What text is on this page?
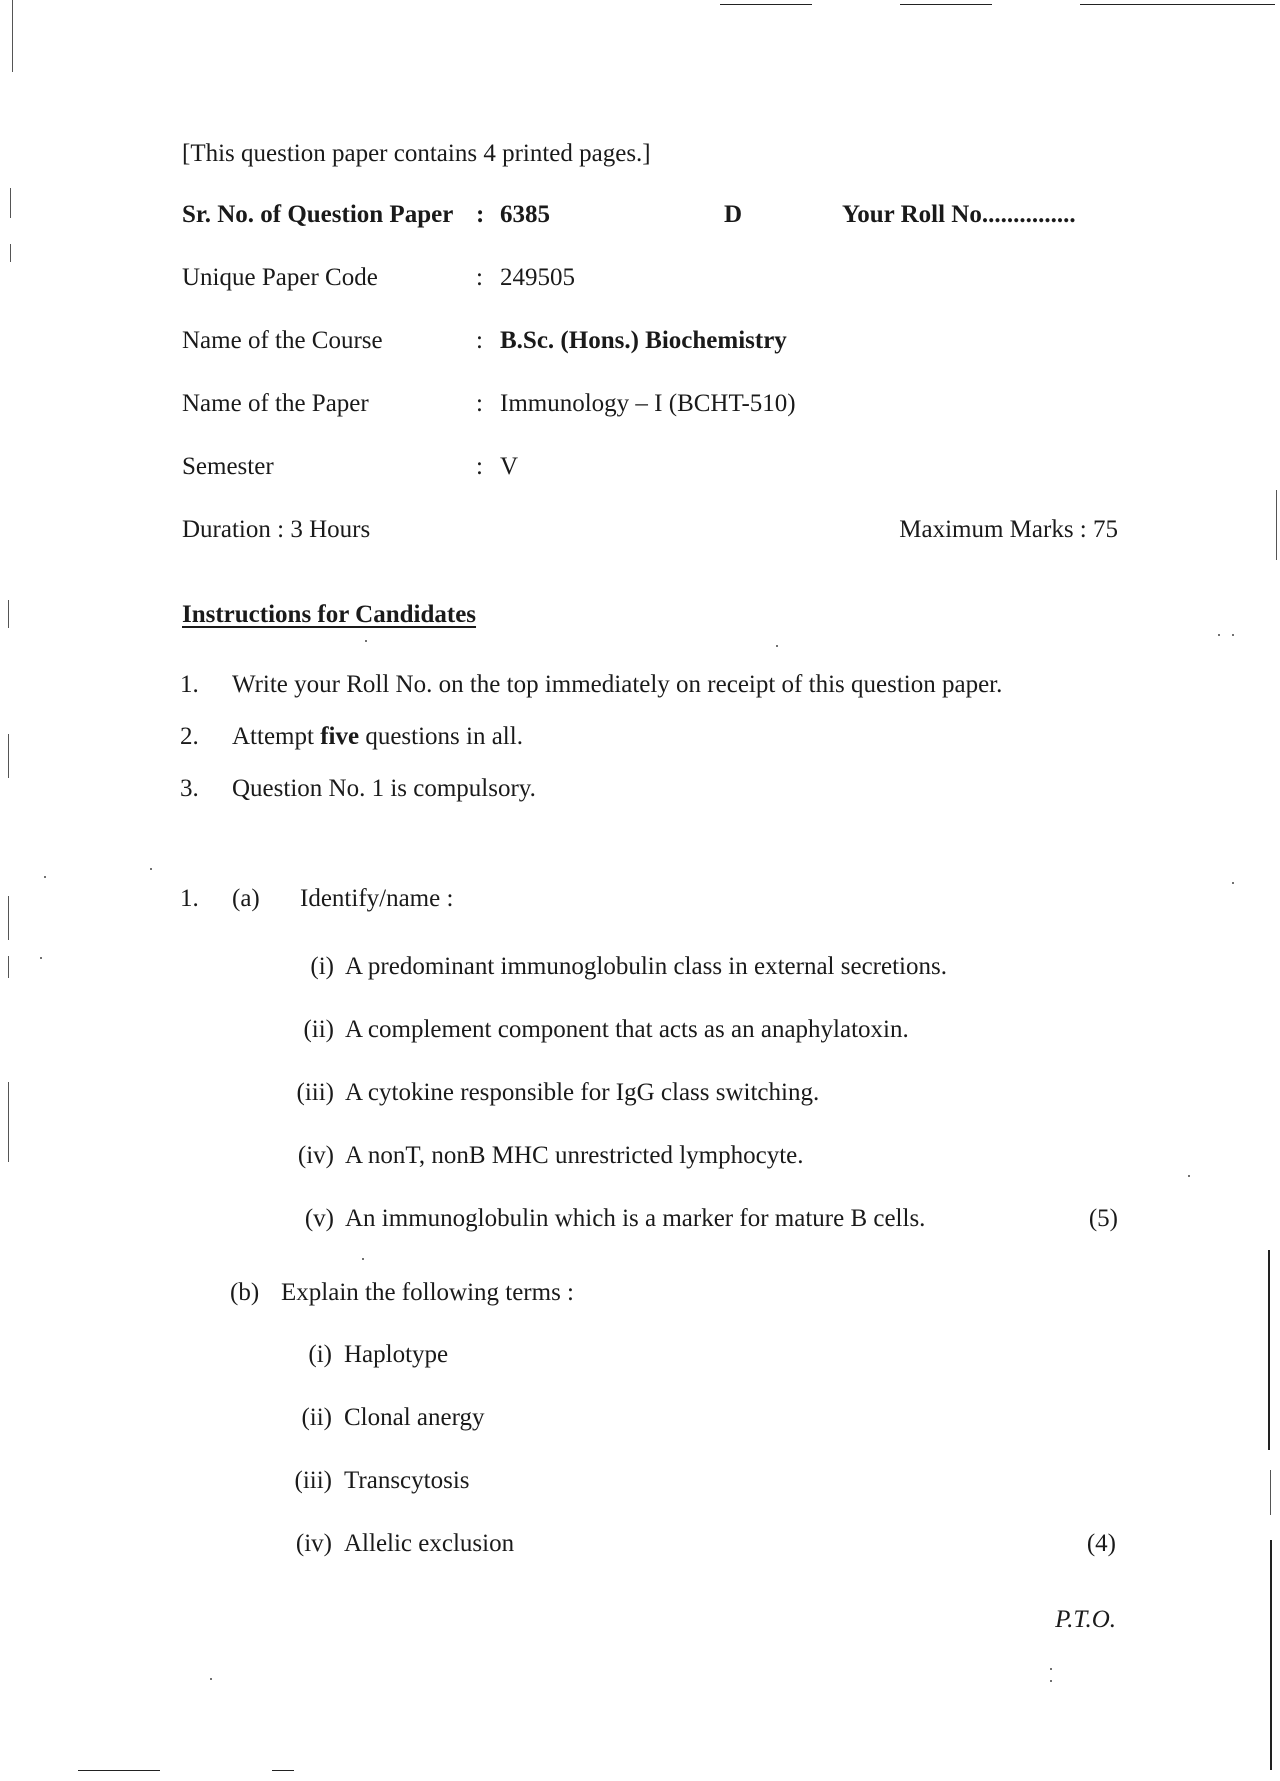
[This question paper contains 4 printed pages.]
Sr. No. of Question Paper : 6385	D	Your Roll No...............
Unique Paper Code	: 249505
Name of the Course	: B.Sc. (Hons.) Biochemistry
Name of the Paper	: Immunology – I (BCHT-510)
Semester	: V
Duration : 3 Hours	Maximum Marks : 75
Instructions for Candidates
1. Write your Roll No. on the top immediately on receipt of this question paper.
2. Attempt five questions in all.
3. Question No. 1 is compulsory.
1. (a) Identify/name :
(i) A predominant immunoglobulin class in external secretions.
(ii) A complement component that acts as an anaphylatoxin.
(iii) A cytokine responsible for IgG class switching.
(iv) A nonT, nonB MHC unrestricted lymphocyte.
(v) An immunoglobulin which is a marker for mature B cells.	(5)
(b) Explain the following terms :
(i) Haplotype
(ii) Clonal anergy
(iii) Transcytosis
(iv) Allelic exclusion	(4)
P.T.O.
